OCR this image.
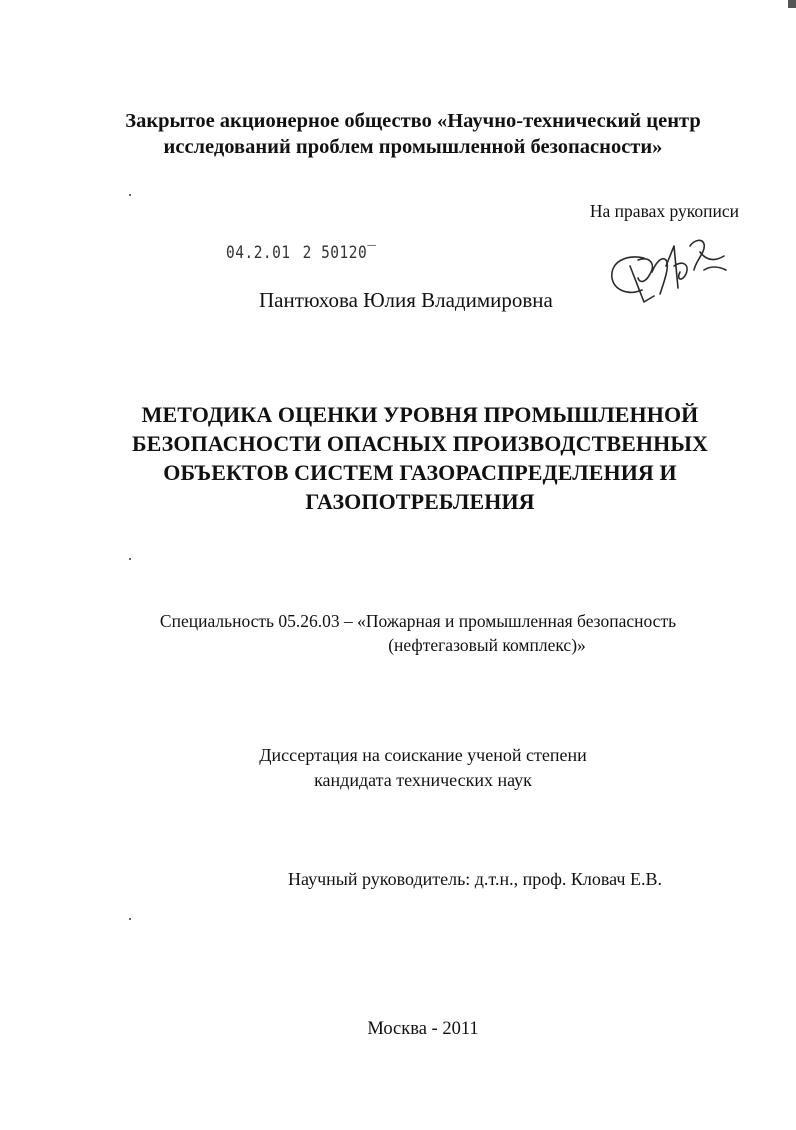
Закрытое акционерное общество «Научно-технический центр
исследований проблем промышленной безопасности»
На правах рукописи
04.2.01 2 50120‾
Пантюхова Юлия Владимировна
МЕТОДИКА ОЦЕНКИ УРОВНЯ ПРОМЫШЛЕННОЙ
БЕЗОПАСНОСТИ ОПАСНЫХ ПРОИЗВОДСТВЕННЫХ
ОБЪЕКТОВ СИСТЕМ ГАЗОРАСПРЕДЕЛЕНИЯ И
ГАЗОПОТРЕБЛЕНИЯ
Специальность 05.26.03 – «Пожарная и промышленная безопасность
(нефтегазовый комплекс)»
Диссертация на соискание ученой степени
кандидата технических наук
Научный руководитель: д.т.н., проф. Кловач Е.В.
Москва - 2011
